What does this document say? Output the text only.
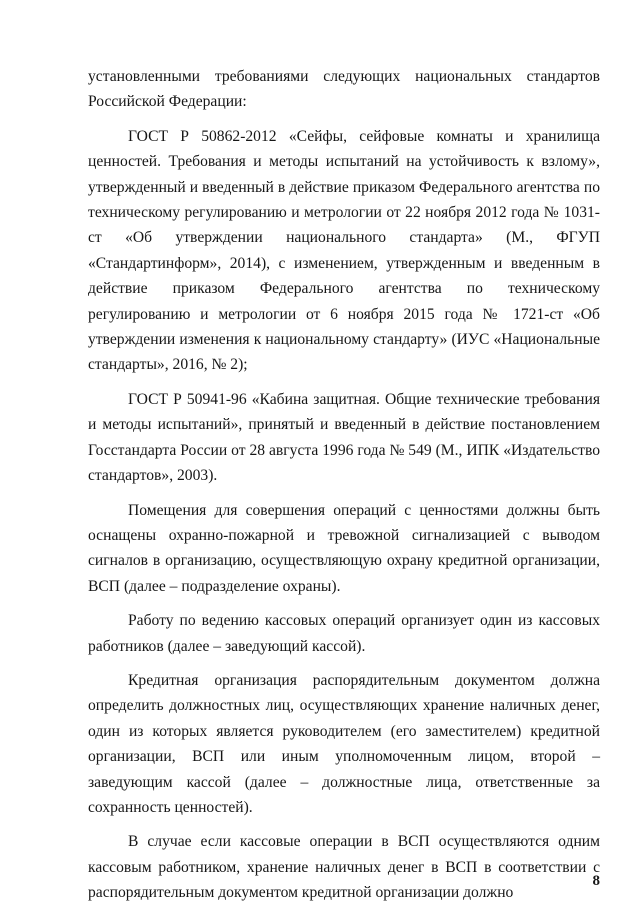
установленными требованиями следующих национальных стандартов Российской Федерации:

ГОСТ Р 50862-2012 «Сейфы, сейфовые комнаты и хранилища ценностей. Требования и методы испытаний на устойчивость к взлому», утвержденный и введенный в действие приказом Федерального агентства по техническому регулированию и метрологии от 22 ноября 2012 года № 1031-ст «Об утверждении национального стандарта» (М., ФГУП «Стандартинформ», 2014), с изменением, утвержденным и введенным в действие приказом Федерального агентства по техническому регулированию и метрологии от 6 ноября 2015 года № 1721-ст «Об утверждении изменения к национальному стандарту» (ИУС «Национальные стандарты», 2016, № 2);

ГОСТ Р 50941-96 «Кабина защитная. Общие технические требования и методы испытаний», принятый и введенный в действие постановлением Госстандарта России от 28 августа 1996 года № 549 (М., ИПК «Издательство стандартов», 2003).

Помещения для совершения операций с ценностями должны быть оснащены охранно-пожарной и тревожной сигнализацией с выводом сигналов в организацию, осуществляющую охрану кредитной организации, ВСП (далее – подразделение охраны).

Работу по ведению кассовых операций организует один из кассовых работников (далее – заведующий кассой).

Кредитная организация распорядительным документом должна определить должностных лиц, осуществляющих хранение наличных денег, один из которых является руководителем (его заместителем) кредитной организации, ВСП или иным уполномоченным лицом, второй – заведующим кассой (далее – должностные лица, ответственные за сохранность ценностей).

В случае если кассовые операции в ВСП осуществляются одним кассовым работником, хранение наличных денег в ВСП в соответствии с распорядительным документом кредитной организации должно

8
